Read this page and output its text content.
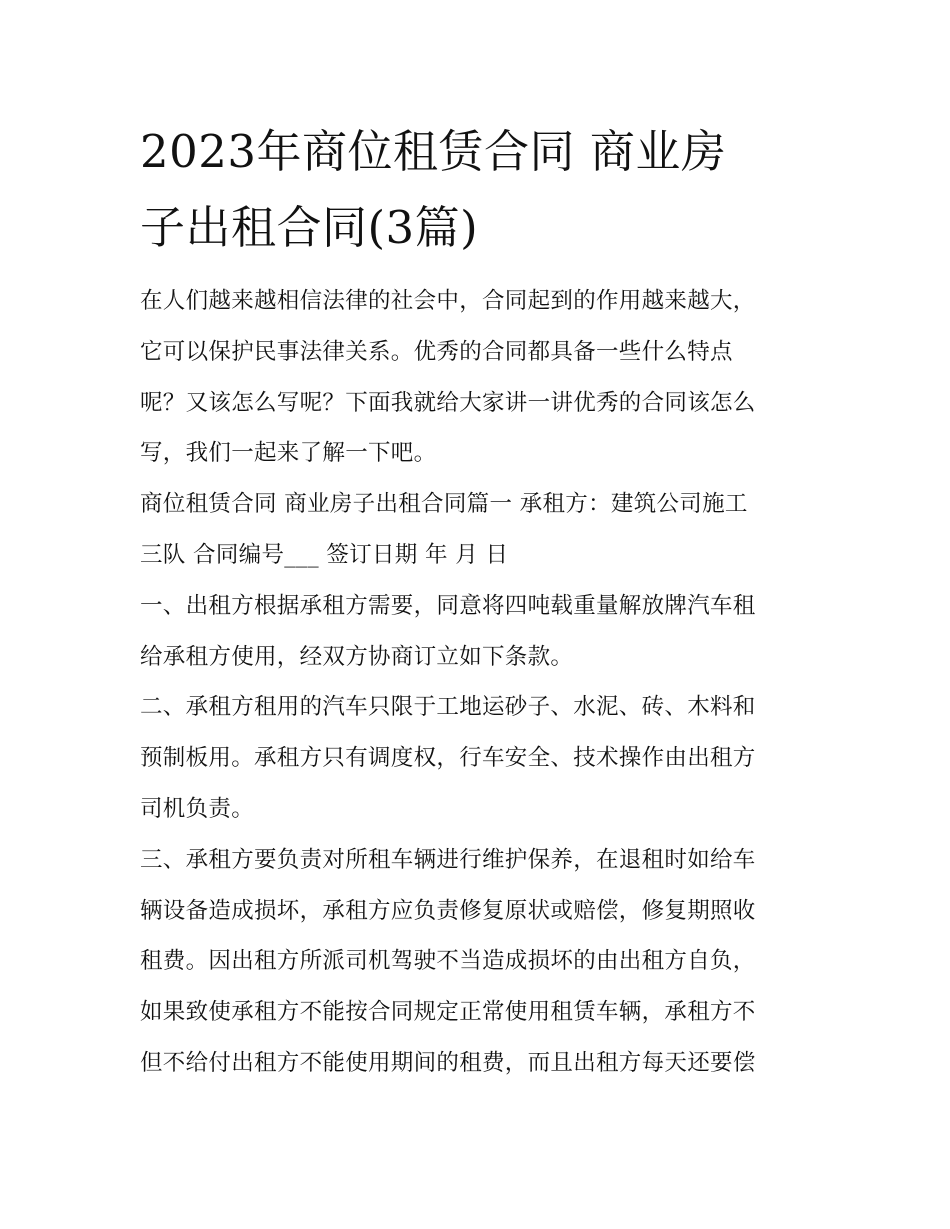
2023年商位租赁合同 商业房
子出租合同(3篇)

在人们越来越相信法律的社会中，合同起到的作用越来越大，
它可以保护民事法律关系。优秀的合同都具备一些什么特点
呢？又该怎么写呢？下面我就给大家讲一讲优秀的合同该怎么
写，我们一起来了解一下吧。

商位租赁合同 商业房子出租合同篇一 承租方：建筑公司施工
三队 合同编号___ 签订日期 年 月 日

一、出租方根据承租方需要，同意将四吨载重量解放牌汽车租
给承租方使用，经双方协商订立如下条款。

二、承租方租用的汽车只限于工地运砂子、水泥、砖、木料和
预制板用。承租方只有调度权，行车安全、技术操作由出租方
司机负责。

三、承租方要负责对所租车辆进行维护保养，在退租时如给车
辆设备造成损坏，承租方应负责修复原状或赔偿，修复期照收
租费。因出租方所派司机驾驶不当造成损坏的由出租方自负，
如果致使承租方不能按合同规定正常使用租赁车辆，承租方不
但不给付出租方不能使用期间的租费，而且出租方每天还要偿
